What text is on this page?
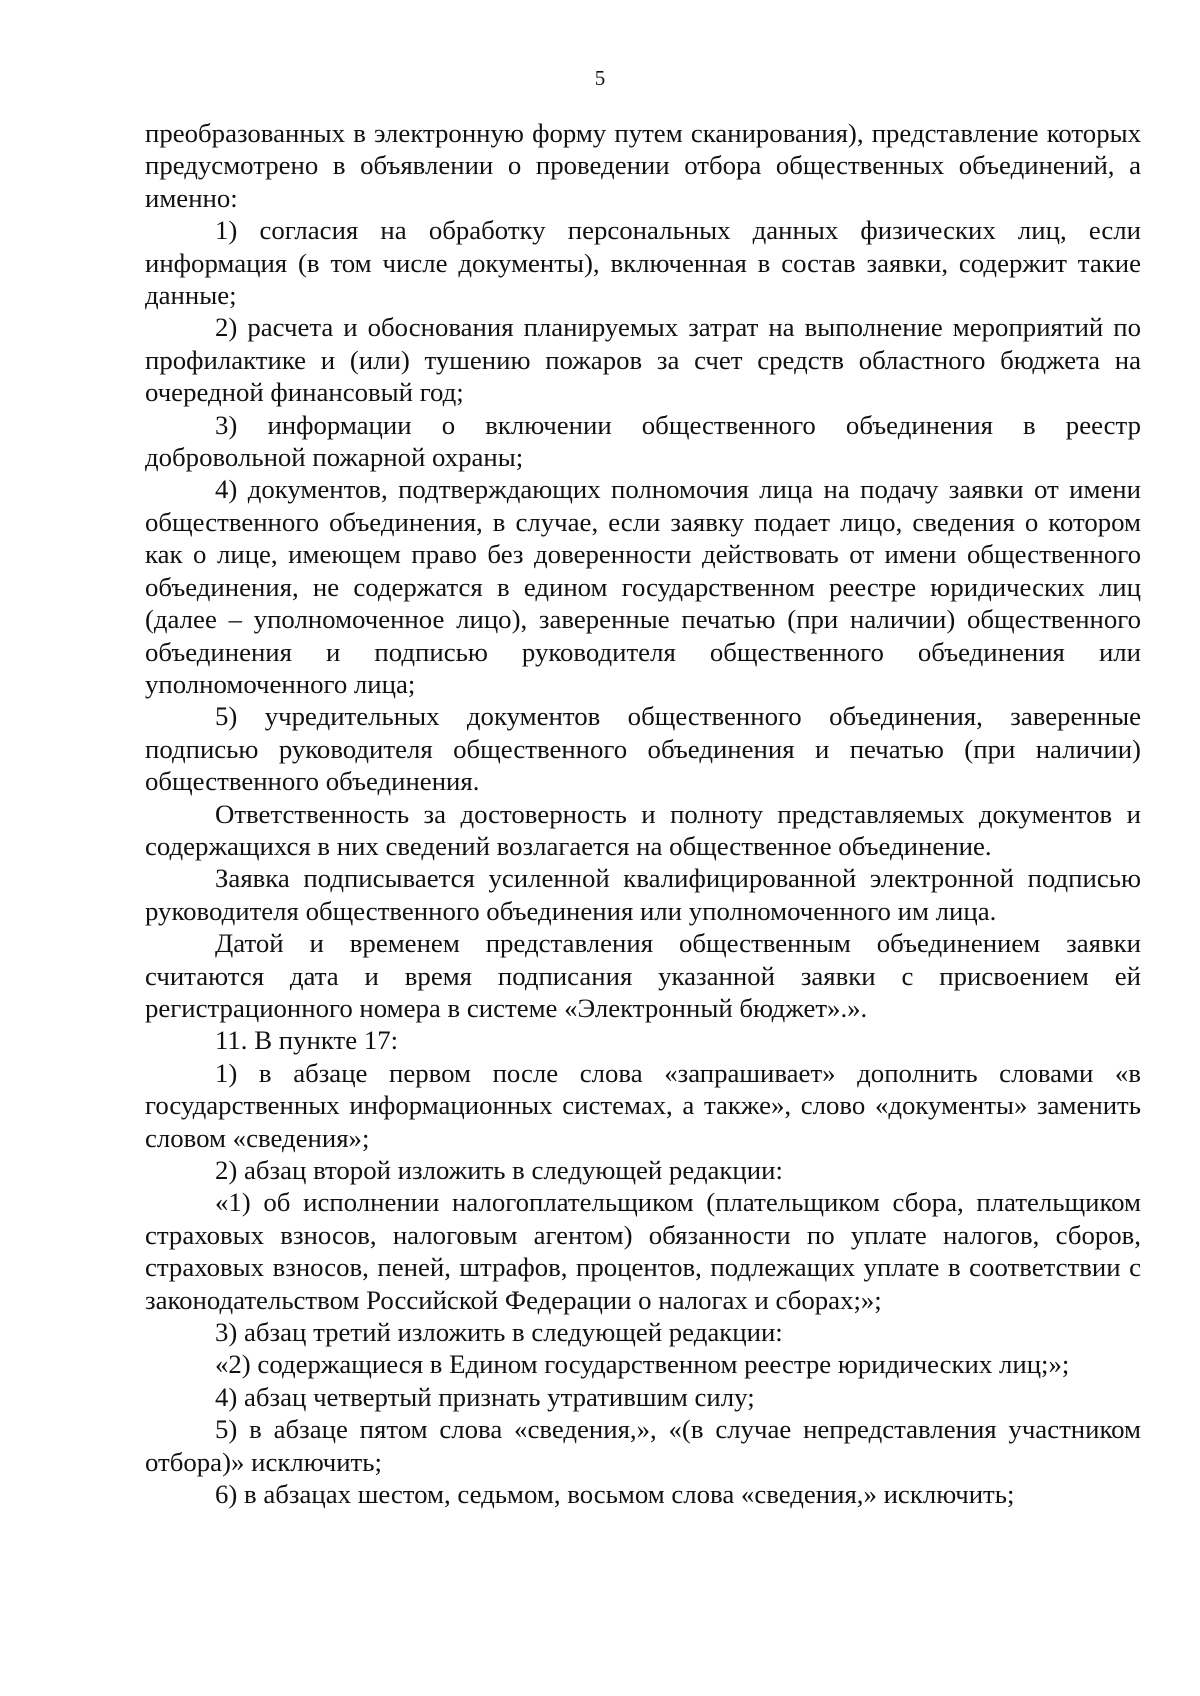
5

преобразованных в электронную форму путем сканирования), представление которых предусмотрено в объявлении о проведении отбора общественных объединений, а именно:

1) согласия на обработку персональных данных физических лиц, если информация (в том числе документы), включенная в состав заявки, содержит такие данные;

2) расчета и обоснования планируемых затрат на выполнение мероприятий по профилактике и (или) тушению пожаров за счет средств областного бюджета на очередной финансовый год;

3) информации о включении общественного объединения в реестр добровольной пожарной охраны;

4) документов, подтверждающих полномочия лица на подачу заявки от имени общественного объединения, в случае, если заявку подает лицо, сведения о котором как о лице, имеющем право без доверенности действовать от имени общественного объединения, не содержатся в едином государственном реестре юридических лиц (далее – уполномоченное лицо), заверенные печатью (при наличии) общественного объединения и подписью руководителя общественного объединения или уполномоченного лица;

5) учредительных документов общественного объединения, заверенные подписью руководителя общественного объединения и печатью (при наличии) общественного объединения.

Ответственность за достоверность и полноту представляемых документов и содержащихся в них сведений возлагается на общественное объединение.

Заявка подписывается усиленной квалифицированной электронной подписью руководителя общественного объединения или уполномоченного им лица.

Датой и временем представления общественным объединением заявки считаются дата и время подписания указанной заявки с присвоением ей регистрационного номера в системе «Электронный бюджет».».

11. В пункте 17:

1) в абзаце первом после слова «запрашивает» дополнить словами «в государственных информационных системах, а также», слово «документы» заменить словом «сведения»;

2) абзац второй изложить в следующей редакции:

«1) об исполнении налогоплательщиком (плательщиком сбора, плательщиком страховых взносов, налоговым агентом) обязанности по уплате налогов, сборов, страховых взносов, пеней, штрафов, процентов, подлежащих уплате в соответствии с законодательством Российской Федерации о налогах и сборах;»;

3) абзац третий изложить в следующей редакции:

«2) содержащиеся в Едином государственном реестре юридических лиц;»;

4) абзац четвертый признать утратившим силу;

5) в абзаце пятом слова «сведения,», «(в случае непредставления участником отбора)» исключить;

6) в абзацах шестом, седьмом, восьмом слова «сведения,» исключить;
